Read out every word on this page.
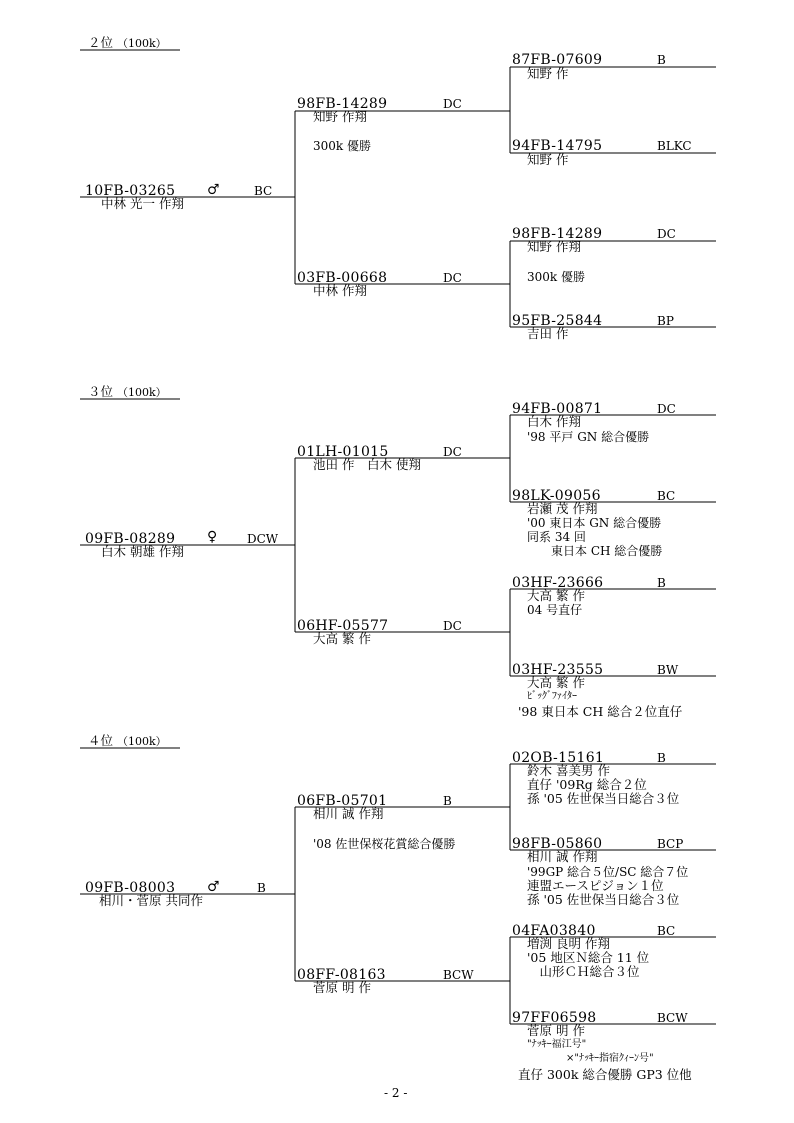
２位 （100k）
10FB-03265 ♂	BC
中林 光一 作翔
98FB-14289	DC
知野 作翔
300k 優勝
03FB-00668	DC
中林 作翔
87FB-07609	B
知野 作
94FB-14795	BLKC
知野 作
98FB-14289	DC
知野 作翔
300k 優勝
95FB-25844	BP
吉田 作
３位 （100k）
09FB-08289 ♀ DCW
白木 朝雄 作翔
01LH-01015	DC
池田 作　白木 使翔
06HF-05577	DC
大高 繁 作
94FB-00871	DC
白木 作翔
'98 平戸 GN 総合優勝
98LK-09056	BC
岩瀬 茂 作翔
'00 東日本 GN 総合優勝
同系 34 回
　　東日本 CH 総合優勝
03HF-23666	B
大高 繁 作
04 号直仔
03HF-23555	BW
大高 繁 作
ﾋﾞｯｸﾞﾌｧｲﾀｰ
'98 東日本 CH 総合２位直仔
４位 （100k）
09FB-08003 ♂	B
相川・菅原 共同作
06FB-05701	B
相川 誠 作翔
'08 佐世保桜花賞総合優勝
08FF-08163	BCW
菅原 明 作
02OB-15161	B
鈴木 喜美男 作
直仔 '09Rg 総合２位
孫 '05 佐世保当日総合３位
98FB-05860	BCP
相川 誠 作翔
'99GP 総合５位/SC 総合７位
連盟エースピジョン１位
孫 '05 佐世保当日総合３位
04FA03840	BC
増渕 良明 作翔
'05 地区Ｎ総合 11 位
　山形ＣＨ総合３位
97FF06598	BCW
菅原 明 作
"ﾅｯｷｰ福江号"
×"ﾅｯｷｰ指宿ｸｨｰﾝ号"
直仔 300k 総合優勝 GP3 位他
- 2 -
